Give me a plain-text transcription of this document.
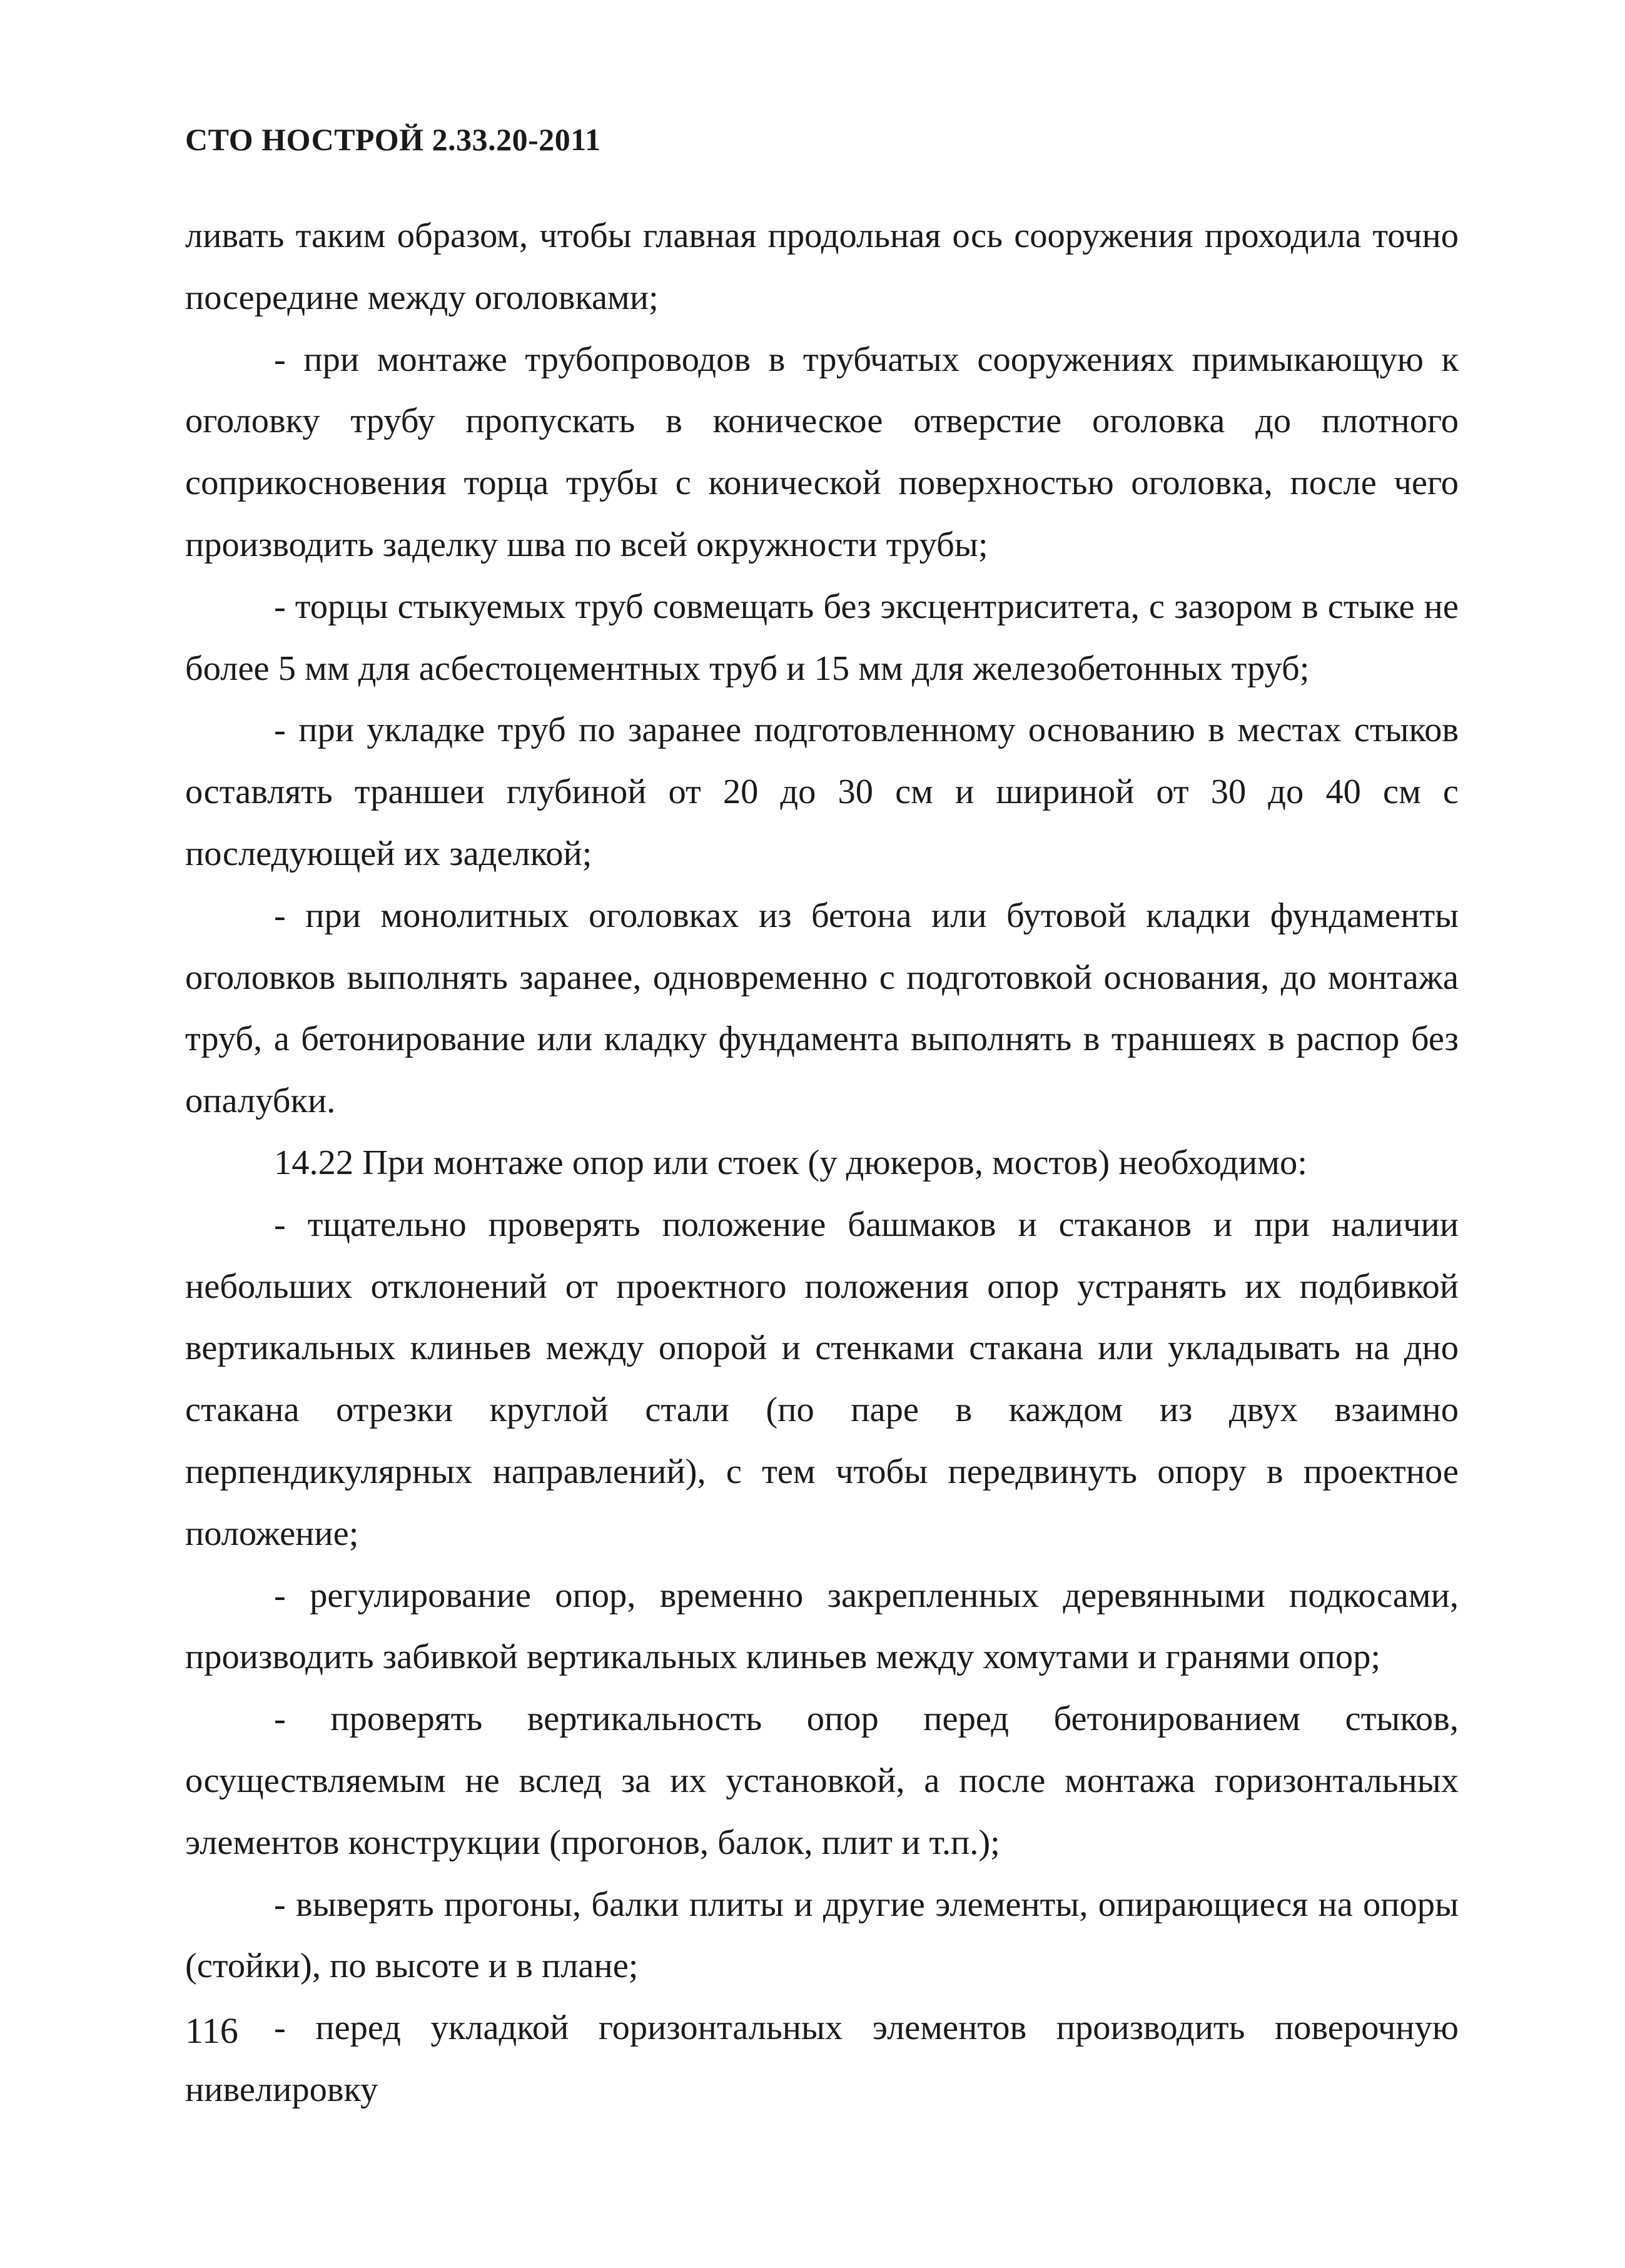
СТО НОСТРОЙ 2.33.20-2011

ливать таким образом, чтобы главная продольная ось сооружения проходила точно посередине между оголовками;

- при монтаже трубопроводов в трубчатых сооружениях примыкающую к оголовку трубу пропускать в коническое отверстие оголовка до плотного соприкосновения торца трубы с конической поверхностью оголовка, после чего производить заделку шва по всей окружности трубы;

- торцы стыкуемых труб совмещать без эксцентриситета, с зазором в стыке не более 5 мм для асбестоцементных труб и 15 мм для железобетонных труб;

- при укладке труб по заранее подготовленному основанию в местах стыков оставлять траншеи глубиной от 20 до 30 см и шириной от 30 до 40 см с последующей их заделкой;

- при монолитных оголовках из бетона или бутовой кладки фундаменты оголовков выполнять заранее, одновременно с подготовкой основания, до монтажа труб, а бетонирование или кладку фундамента выполнять в траншеях в распор без опалубки.

14.22 При монтаже опор или стоек (у дюкеров, мостов) необходимо:

- тщательно проверять положение башмаков и стаканов и при наличии небольших отклонений от проектного положения опор устранять их подбивкой вертикальных клиньев между опорой и стенками стакана или укладывать на дно стакана отрезки круглой стали (по паре в каждом из двух взаимно перпендикулярных направлений), с тем чтобы передвинуть опору в проектное положение;

- регулирование опор, временно закрепленных деревянными подкосами, производить забивкой вертикальных клиньев между хомутами и гранями опор;

- проверять вертикальность опор перед бетонированием стыков, осуществляемым не вслед за их установкой, а после монтажа горизонтальных элементов конструкции (прогонов, балок, плит и т.п.);

- выверять прогоны, балки плиты и другие элементы, опирающиеся на опоры (стойки), по высоте и в плане;

- перед укладкой горизонтальных элементов производить поверочную нивелировку

116
